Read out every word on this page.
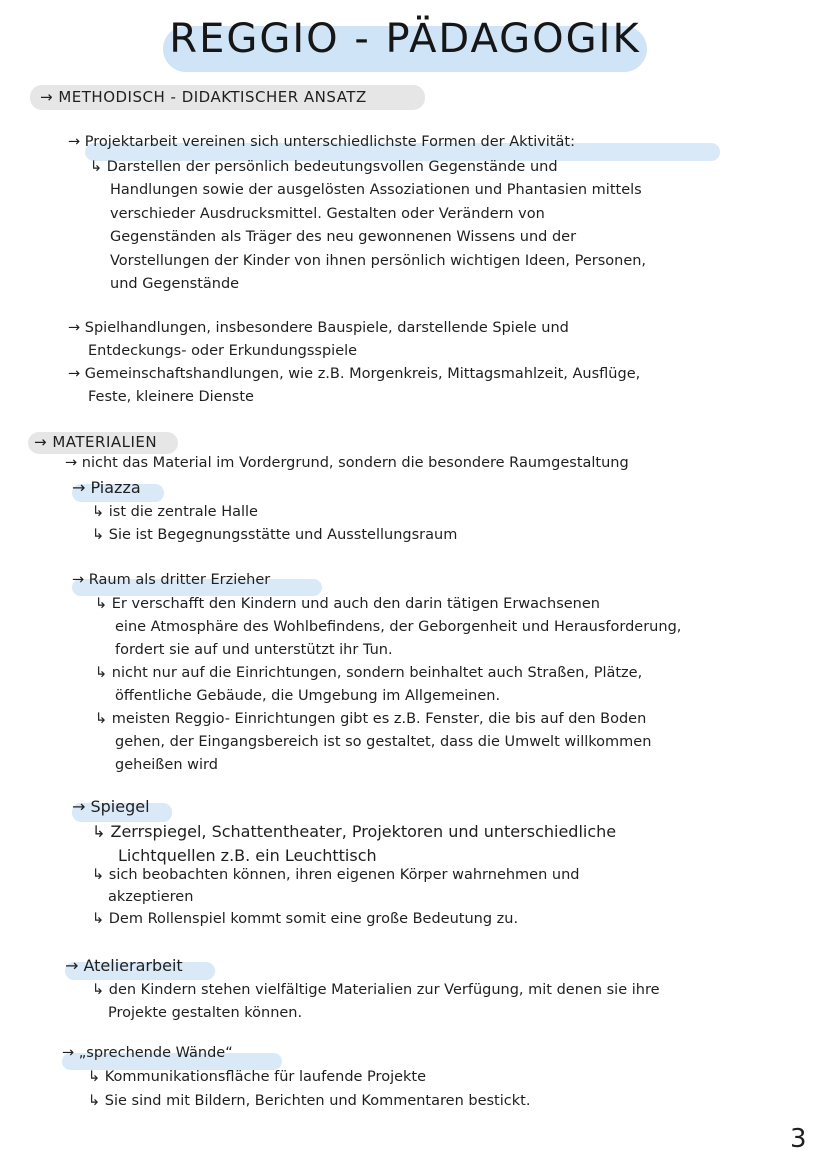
REGGIO - PÄDAGOGIK
→ METHODISCH - DIDAKTISCHER ANSATZ
→ Projektarbeit vereinen sich unterschiedlichste Formen der Aktivität:
↳ Darstellen der persönlich bedeutungsvollen Gegenstände und
Handlungen sowie der ausgelösten Assoziationen und Phantasien mittels
verschieder Ausdrucksmittel. Gestalten oder Verändern von
Gegenständen als Träger des neu gewonnenen Wissens und der
Vorstellungen der Kinder von ihnen persönlich wichtigen Ideen, Personen,
und Gegenstände
→ Spielhandlungen, insbesondere Bauspiele, darstellende Spiele und
Entdeckungs- oder Erkundungsspiele
→ Gemeinschaftshandlungen, wie z.B. Morgenkreis, Mittagsmahlzeit, Ausflüge,
Feste, kleinere Dienste
→ MATERIALIEN
→ nicht das Material im Vordergrund, sondern die besondere Raumgestaltung
→ Piazza
↳ ist die zentrale Halle
↳ Sie ist Begegnungsstätte und Ausstellungsraum
→ Raum als dritter Erzieher
↳ Er verschafft den Kindern und auch den darin tätigen Erwachsenen
eine Atmosphäre des Wohlbefindens, der Geborgenheit und Herausforderung,
fordert sie auf und unterstützt ihr Tun.
↳ nicht nur auf die Einrichtungen, sondern beinhaltet auch Straßen, Plätze,
öffentliche Gebäude, die Umgebung im Allgemeinen.
↳ meisten Reggio- Einrichtungen gibt es z.B. Fenster, die bis auf den Boden
gehen, der Eingangsbereich ist so gestaltet, dass die Umwelt willkommen
geheißen wird
→ Spiegel
↳ Zerrspiegel, Schattentheater, Projektoren und unterschiedliche
Lichtquellen z.B. ein Leuchttisch
↳ sich beobachten können, ihren eigenen Körper wahrnehmen und
akzeptieren
↳ Dem Rollenspiel kommt somit eine große Bedeutung zu.
→ Atelierarbeit
↳ den Kindern stehen vielfältige Materialien zur Verfügung, mit denen sie ihre
Projekte gestalten können.
→ „sprechende Wände“
↳ Kommunikationsfläche für laufende Projekte
↳ Sie sind mit Bildern, Berichten und Kommentaren bestickt.
3
